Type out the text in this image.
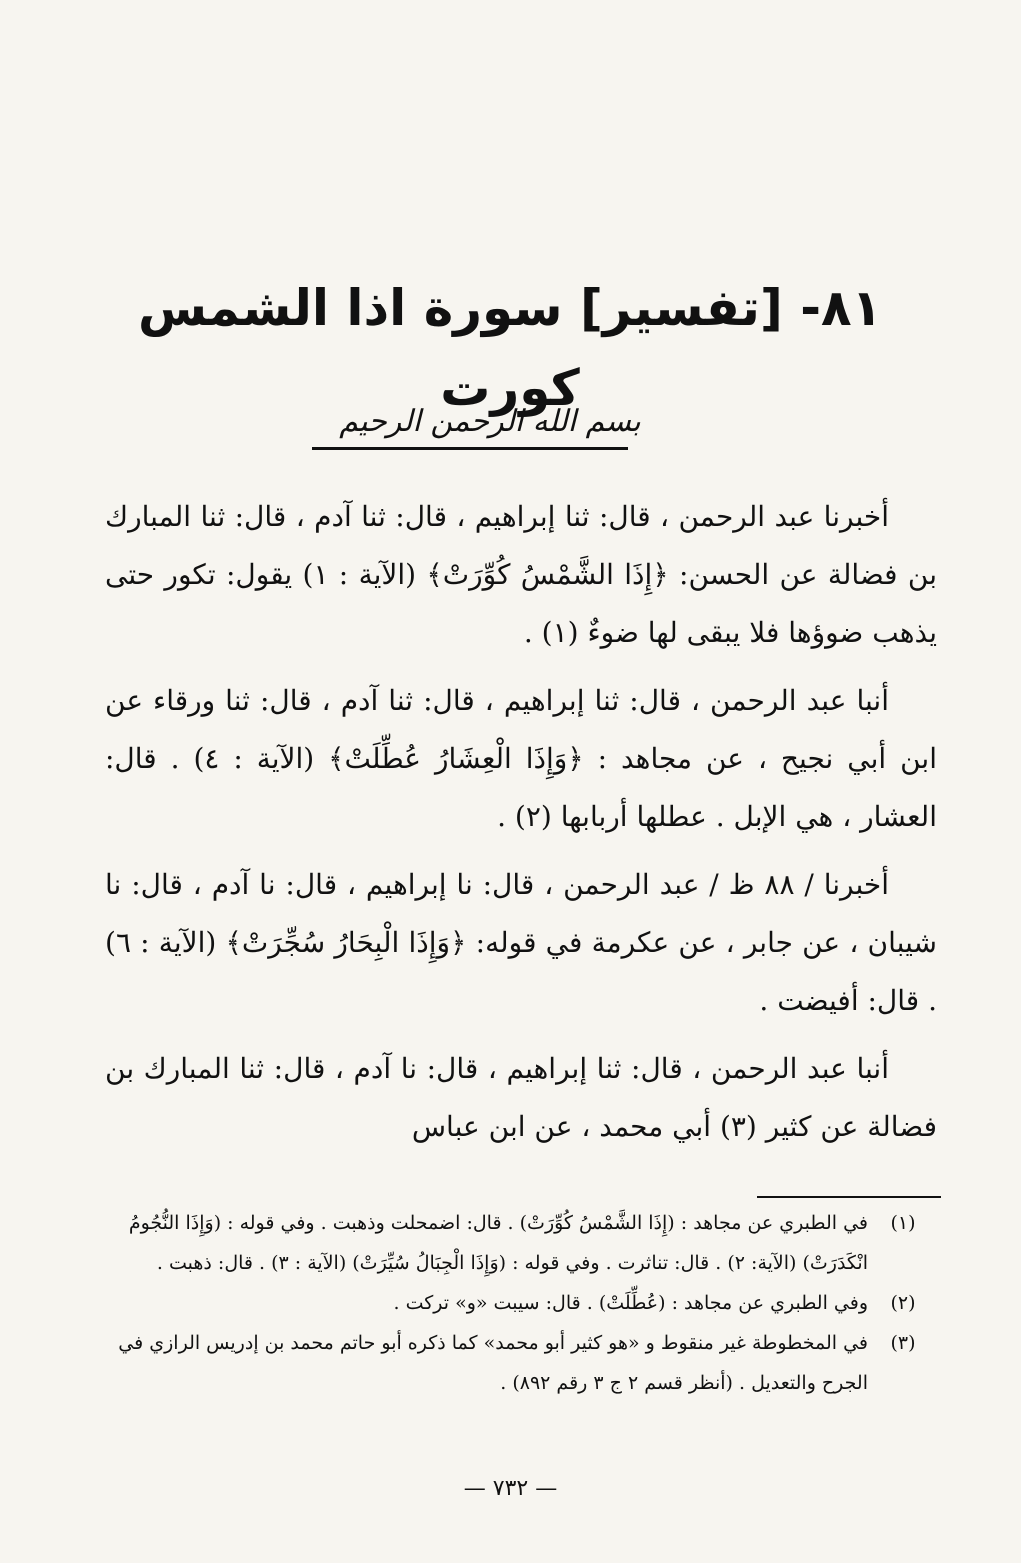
٨١- [تفسير] سورة اذا الشمس كورت
بسم الله الرحمن الرحيم

أخبرنا عبد الرحمن ، قال: ثنا إبراهيم ، قال: ثنا آدم ، قال: ثنا المبارك بن فضالة عن الحسن: ﴿إِذَا الشَّمْسُ كُوِّرَتْ﴾ (الآية : ١) يقول: تكور حتى يذهب ضوؤها فلا يبقى لها ضوءٌ (١) .

أنبا عبد الرحمن ، قال: ثنا إبراهيم ، قال: ثنا آدم ، قال: ثنا ورقاء عن ابن أبي نجيح ، عن مجاهد : ﴿وَإِذَا الْعِشَارُ عُطِّلَتْ﴾ (الآية : ٤) . قال: العشار ، هي الإبل . عطلها أربابها (٢) .

أخبرنا / ٨٨ ظ / عبد الرحمن ، قال: نا إبراهيم ، قال: نا آدم ، قال: نا شيبان ، عن جابر ، عن عكرمة في قوله: ﴿وَإِذَا الْبِحَارُ سُجِّرَتْ﴾ (الآية : ٦) . قال: أفيضت .

أنبا عبد الرحمن ، قال: ثنا إبراهيم ، قال: نا آدم ، قال: ثنا المبارك بن فضالة عن كثير (٣) أبي محمد ، عن ابن عباس

(١)
في الطبري عن مجاهد : (إِذَا الشَّمْسُ كُوِّرَتْ) . قال: اضمحلت وذهبت . وفي قوله : (وَإِذَا النُّجُومُ انْكَدَرَتْ) (الآية: ٢) . قال: تناثرت . وفي قوله : (وَإِذَا الْجِبَالُ سُيِّرَتْ) (الآية : ٣) . قال: ذهبت .
(٢)
وفي الطبري عن مجاهد : (عُطِّلَتْ) . قال: سيبت «و» تركت .
(٣)
في المخطوطة غير منقوط و «هو كثير أبو محمد» كما ذكره أبو حاتم محمد بن إدريس الرازي في الجرح والتعديل . (أنظر قسم ٢ ج ٣ رقم ٨٩٢) .
— ٧٣٢ —
